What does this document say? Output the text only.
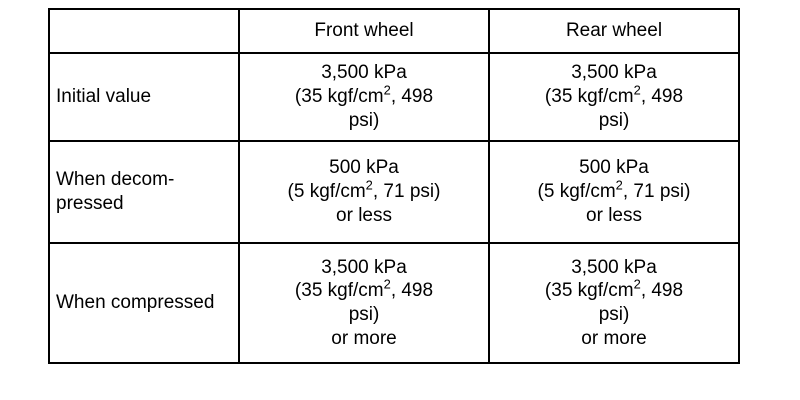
	Front wheel	Rear wheel
Initial value	3,500 kPa
(35 kgf/$cm^2$, 498
psi)	3,500 kPa
(35 kgf/$cm^2$, 498
psi)

When decom- pressed	500 kPa
(5 kgf/$cm^2$, 71 psi)
or less	500 kPa
(5 kgf/$cm^2$, 71 psi)
or less

When compressed	3,500 kPa
(35 kgf/$cm^2$, 498
psi)
or more	3,500 kPa
(35 kgf/$cm^2$, 498
psi)
or more
